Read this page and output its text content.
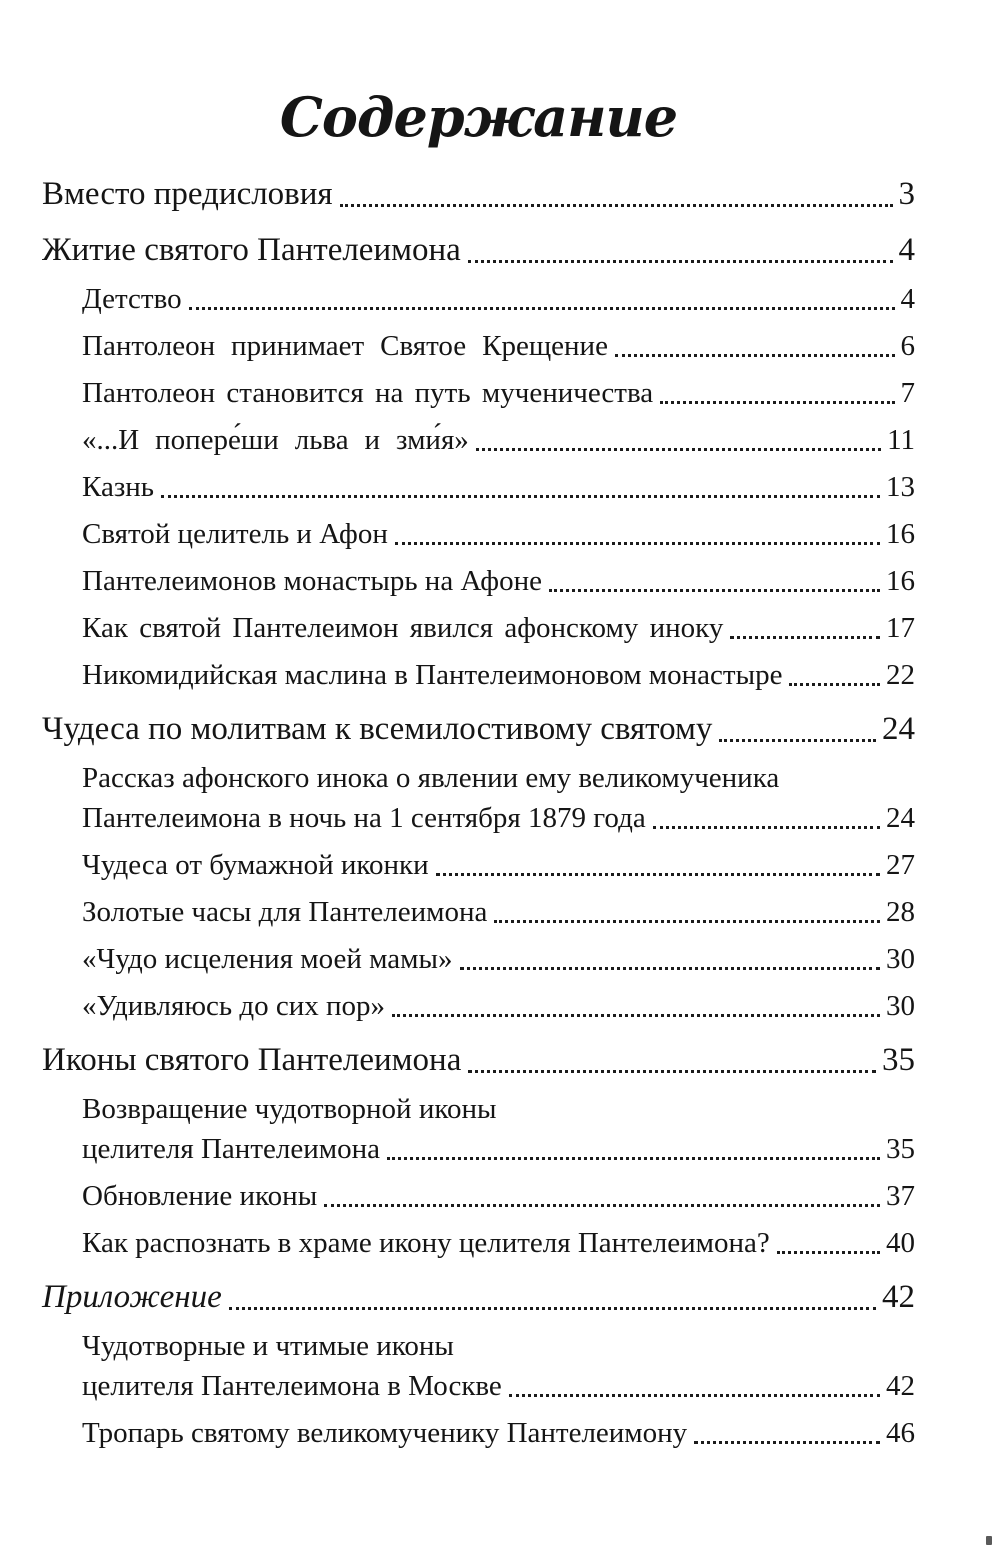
Содержание
Вместо предисловия	3
Житие святого Пантелеимона	4
Детство	4
Пантолеон принимает Святое Крещение	6
Пантолеон становится на путь мученичества	7
«...И попере́ши льва и зми́я»	11
Казнь	13
Святой целитель и Афон	16
Пантелеимонов монастырь на Афоне	16
Как святой Пантелеимон явился афонскому иноку	17
Никомидийская маслина в Пантелеимоновом монастыре	22
Чудеса по молитвам к всемилостивому святому	24
Рассказ афонского инока о явлении ему великомученика
Пантелеимона в ночь на 1 сентября 1879 года	24
Чудеса от бумажной иконки	27
Золотые часы для Пантелеимона	28
«Чудо исцеления моей мамы»	30
«Удивляюсь до сих пор»	30
Иконы святого Пантелеимона	35
Возвращение чудотворной иконы
целителя Пантелеимона	35
Обновление иконы	37
Как распознать в храме икону целителя Пантелеимона?	40
Приложение	42
Чудотворные и чтимые иконы
целителя Пантелеимона в Москве	42
Тропарь святому великомученику Пантелеимону	46
